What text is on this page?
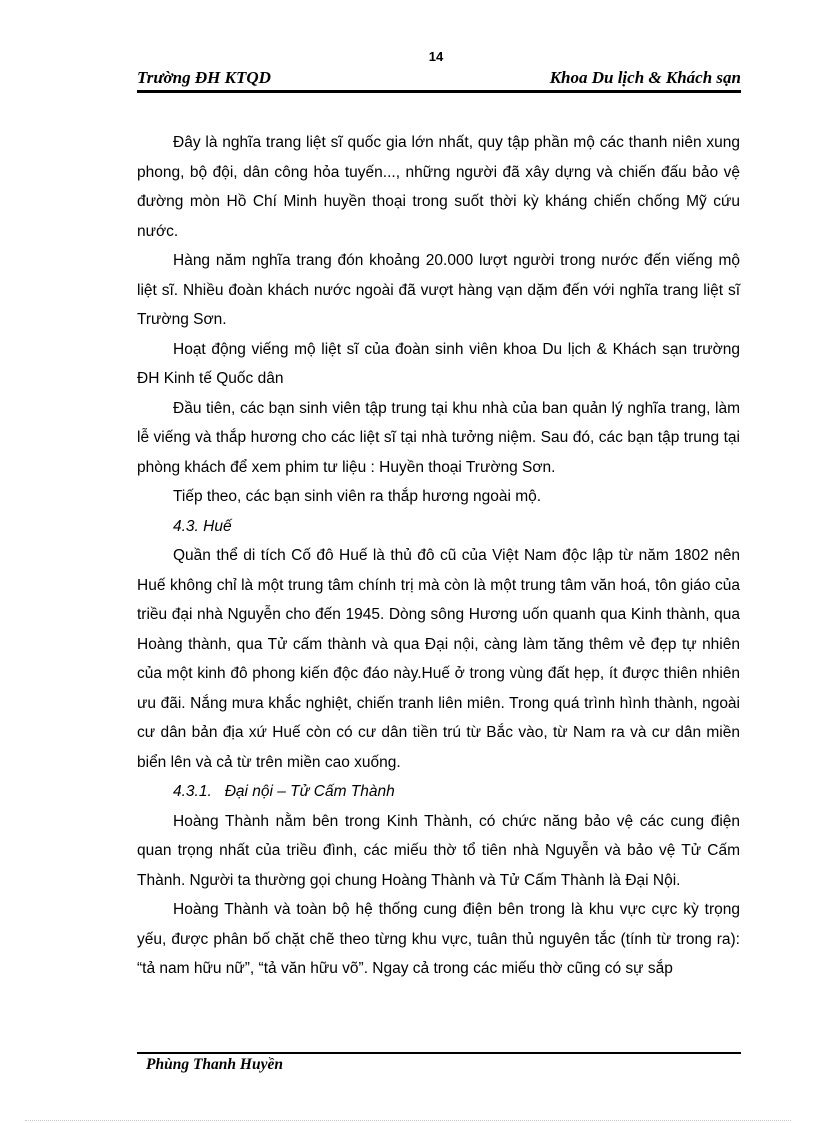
14
Trường ĐH KTQD	Khoa Du lịch & Khách sạn

Đây là nghĩa trang liệt sĩ quốc gia lớn nhất, quy tập phần mộ các thanh niên xung phong, bộ đội, dân công hỏa tuyến..., những người đã xây dựng và chiến đấu bảo vệ đường mòn Hồ Chí Minh huyền thoại trong suốt thời kỳ kháng chiến chống Mỹ cứu nước.

Hàng năm nghĩa trang đón khoảng 20.000 lượt người trong nước đến viếng mộ liệt sĩ. Nhiều đoàn khách nước ngoài đã vượt hàng vạn dặm đến với nghĩa trang liệt sĩ Trường Sơn.

Hoạt động viếng mộ liệt sĩ của đoàn sinh viên khoa Du lịch & Khách sạn trường ĐH Kinh tế Quốc dân

Đầu tiên, các bạn sinh viên tập trung tại khu nhà của ban quản lý nghĩa trang, làm lễ viếng và thắp hương cho các liệt sĩ tại nhà tưởng niệm. Sau đó, các bạn tập trung tại phòng khách để xem phim tư liệu : Huyền thoại Trường Sơn.

Tiếp theo, các bạn sinh viên ra thắp hương ngoài mộ.

4.3. Huế

Quần thể di tích Cố đô Huế là thủ đô cũ của Việt Nam độc lập từ năm 1802 nên Huế không chỉ là một trung tâm chính trị mà còn là một trung tâm văn hoá, tôn giáo của triều đại nhà Nguyễn cho đến 1945. Dòng sông Hương uốn quanh qua Kinh thành, qua Hoàng thành, qua Tử cấm thành và qua Đại nội, càng làm tăng thêm vẻ đẹp tự nhiên của một kinh đô phong kiến độc đáo này.Huế ở trong vùng đất hẹp, ít được thiên nhiên ưu đãi. Nắng mưa khắc nghiệt, chiến tranh liên miên. Trong quá trình hình thành, ngoài cư dân bản địa xứ Huế còn có cư dân tiền trú từ Bắc vào, từ Nam ra và cư dân miền biển lên và cả từ trên miền cao xuống.

4.3.1.   Đại nội – Tử Cấm Thành

Hoàng Thành nằm bên trong Kinh Thành, có chức năng bảo vệ các cung điện quan trọng nhất của triều đình, các miếu thờ tổ tiên nhà Nguyễn và bảo vệ Tử Cấm Thành. Người ta thường gọi chung Hoàng Thành và Tử Cấm Thành là Đại Nội.

Hoàng Thành và toàn bộ hệ thống cung điện bên trong là khu vực cực kỳ trọng yếu, được phân bố chặt chẽ theo từng khu vực, tuân thủ nguyên tắc (tính từ trong ra): “tả nam hữu nữ”, “tả văn hữu võ”. Ngay cả trong các miếu thờ cũng có sự sắp

Phùng Thanh Huyền
